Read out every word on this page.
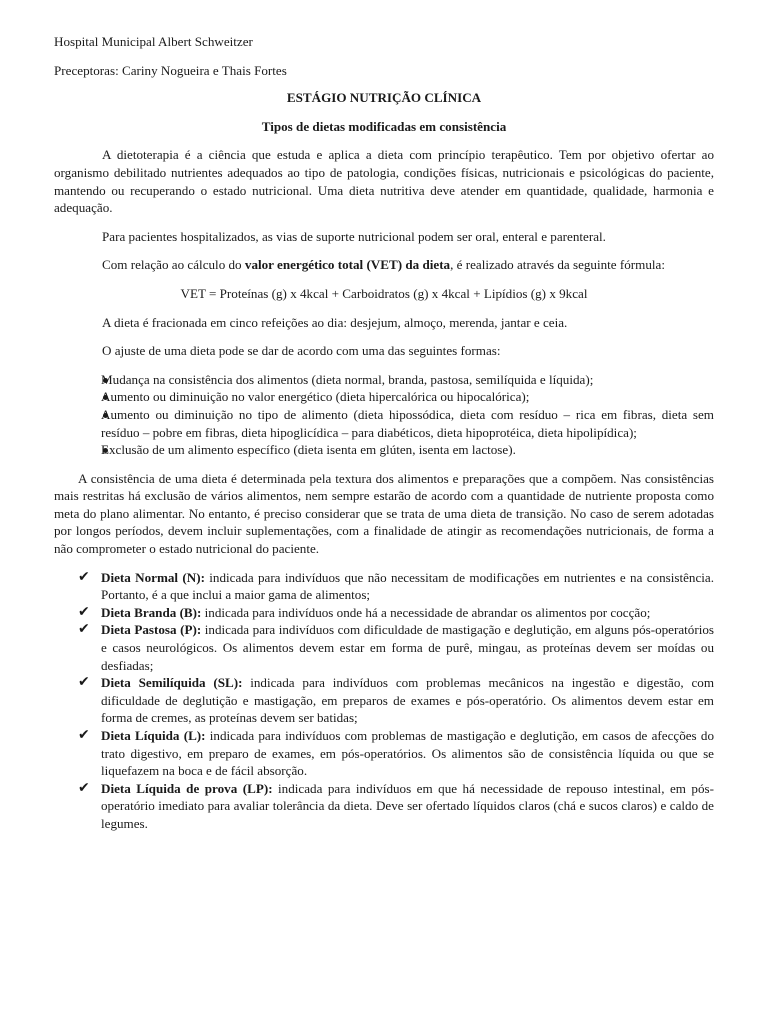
Hospital Municipal Albert Schweitzer

Preceptoras: Cariny Nogueira e Thais Fortes

ESTÁGIO NUTRIÇÃO CLÍNICA

Tipos de dietas modificadas em consistência

A dietoterapia é a ciência que estuda e aplica a dieta com princípio terapêutico. Tem por objetivo ofertar ao organismo debilitado nutrientes adequados ao tipo de patologia, condições físicas, nutricionais e psicológicas do paciente, mantendo ou recuperando o estado nutricional. Uma dieta nutritiva deve atender em quantidade, qualidade, harmonia e adequação.

Para pacientes hospitalizados, as vias de suporte nutricional podem ser oral, enteral e parenteral.

Com relação ao cálculo do valor energético total (VET) da dieta, é realizado através da seguinte fórmula:

VET = Proteínas (g) x 4kcal + Carboidratos (g) x 4kcal + Lipídios (g) x 9kcal

A dieta é fracionada em cinco refeições ao dia: desjejum, almoço, merenda, jantar e ceia.

O ajuste de uma dieta pode se dar de acordo com uma das seguintes formas:

Mudança na consistência dos alimentos (dieta normal, branda, pastosa, semilíquida e líquida);
Aumento ou diminuição no valor energético (dieta hipercalórica ou hipocalórica);
Aumento ou diminuição no tipo de alimento (dieta hipossódica, dieta com resíduo – rica em fibras, dieta sem resíduo – pobre em fibras, dieta hipoglicídica – para diabéticos, dieta hipoprotéica, dieta hipolipídica);
Exclusão de um alimento específico (dieta isenta em glúten, isenta em lactose).

A consistência de uma dieta é determinada pela textura dos alimentos e preparações que a compõem. Nas consistências mais restritas há exclusão de vários alimentos, nem sempre estarão de acordo com a quantidade de nutriente proposta como meta do plano alimentar. No entanto, é preciso considerar que se trata de uma dieta de transição. No caso de serem adotadas por longos períodos, devem incluir suplementações, com a finalidade de atingir as recomendações nutricionais, de forma a não comprometer o estado nutricional do paciente.

✔ Dieta Normal (N): indicada para indivíduos que não necessitam de modificações em nutrientes e na consistência. Portanto, é a que inclui a maior gama de alimentos;
✔ Dieta Branda (B): indicada para indivíduos onde há a necessidade de abrandar os alimentos por cocção;
✔ Dieta Pastosa (P): indicada para indivíduos com dificuldade de mastigação e deglutição, em alguns pós-operatórios e casos neurológicos. Os alimentos devem estar em forma de purê, mingau, as proteínas devem ser moídas ou desfiadas;
✔ Dieta Semilíquida (SL): indicada para indivíduos com problemas mecânicos na ingestão e digestão, com dificuldade de deglutição e mastigação, em preparos de exames e pós-operatório. Os alimentos devem estar em forma de cremes, as proteínas devem ser batidas;
✔ Dieta Líquida (L): indicada para indivíduos com problemas de mastigação e deglutição, em casos de afecções do trato digestivo, em preparo de exames, em pós-operatórios. Os alimentos são de consistência líquida ou que se liquefazem na boca e de fácil absorção.
✔ Dieta Líquida de prova (LP): indicada para indivíduos em que há necessidade de repouso intestinal, em pós-operatório imediato para avaliar tolerância da dieta. Deve ser ofertado líquidos claros (chá e sucos claros) e caldo de legumes.
